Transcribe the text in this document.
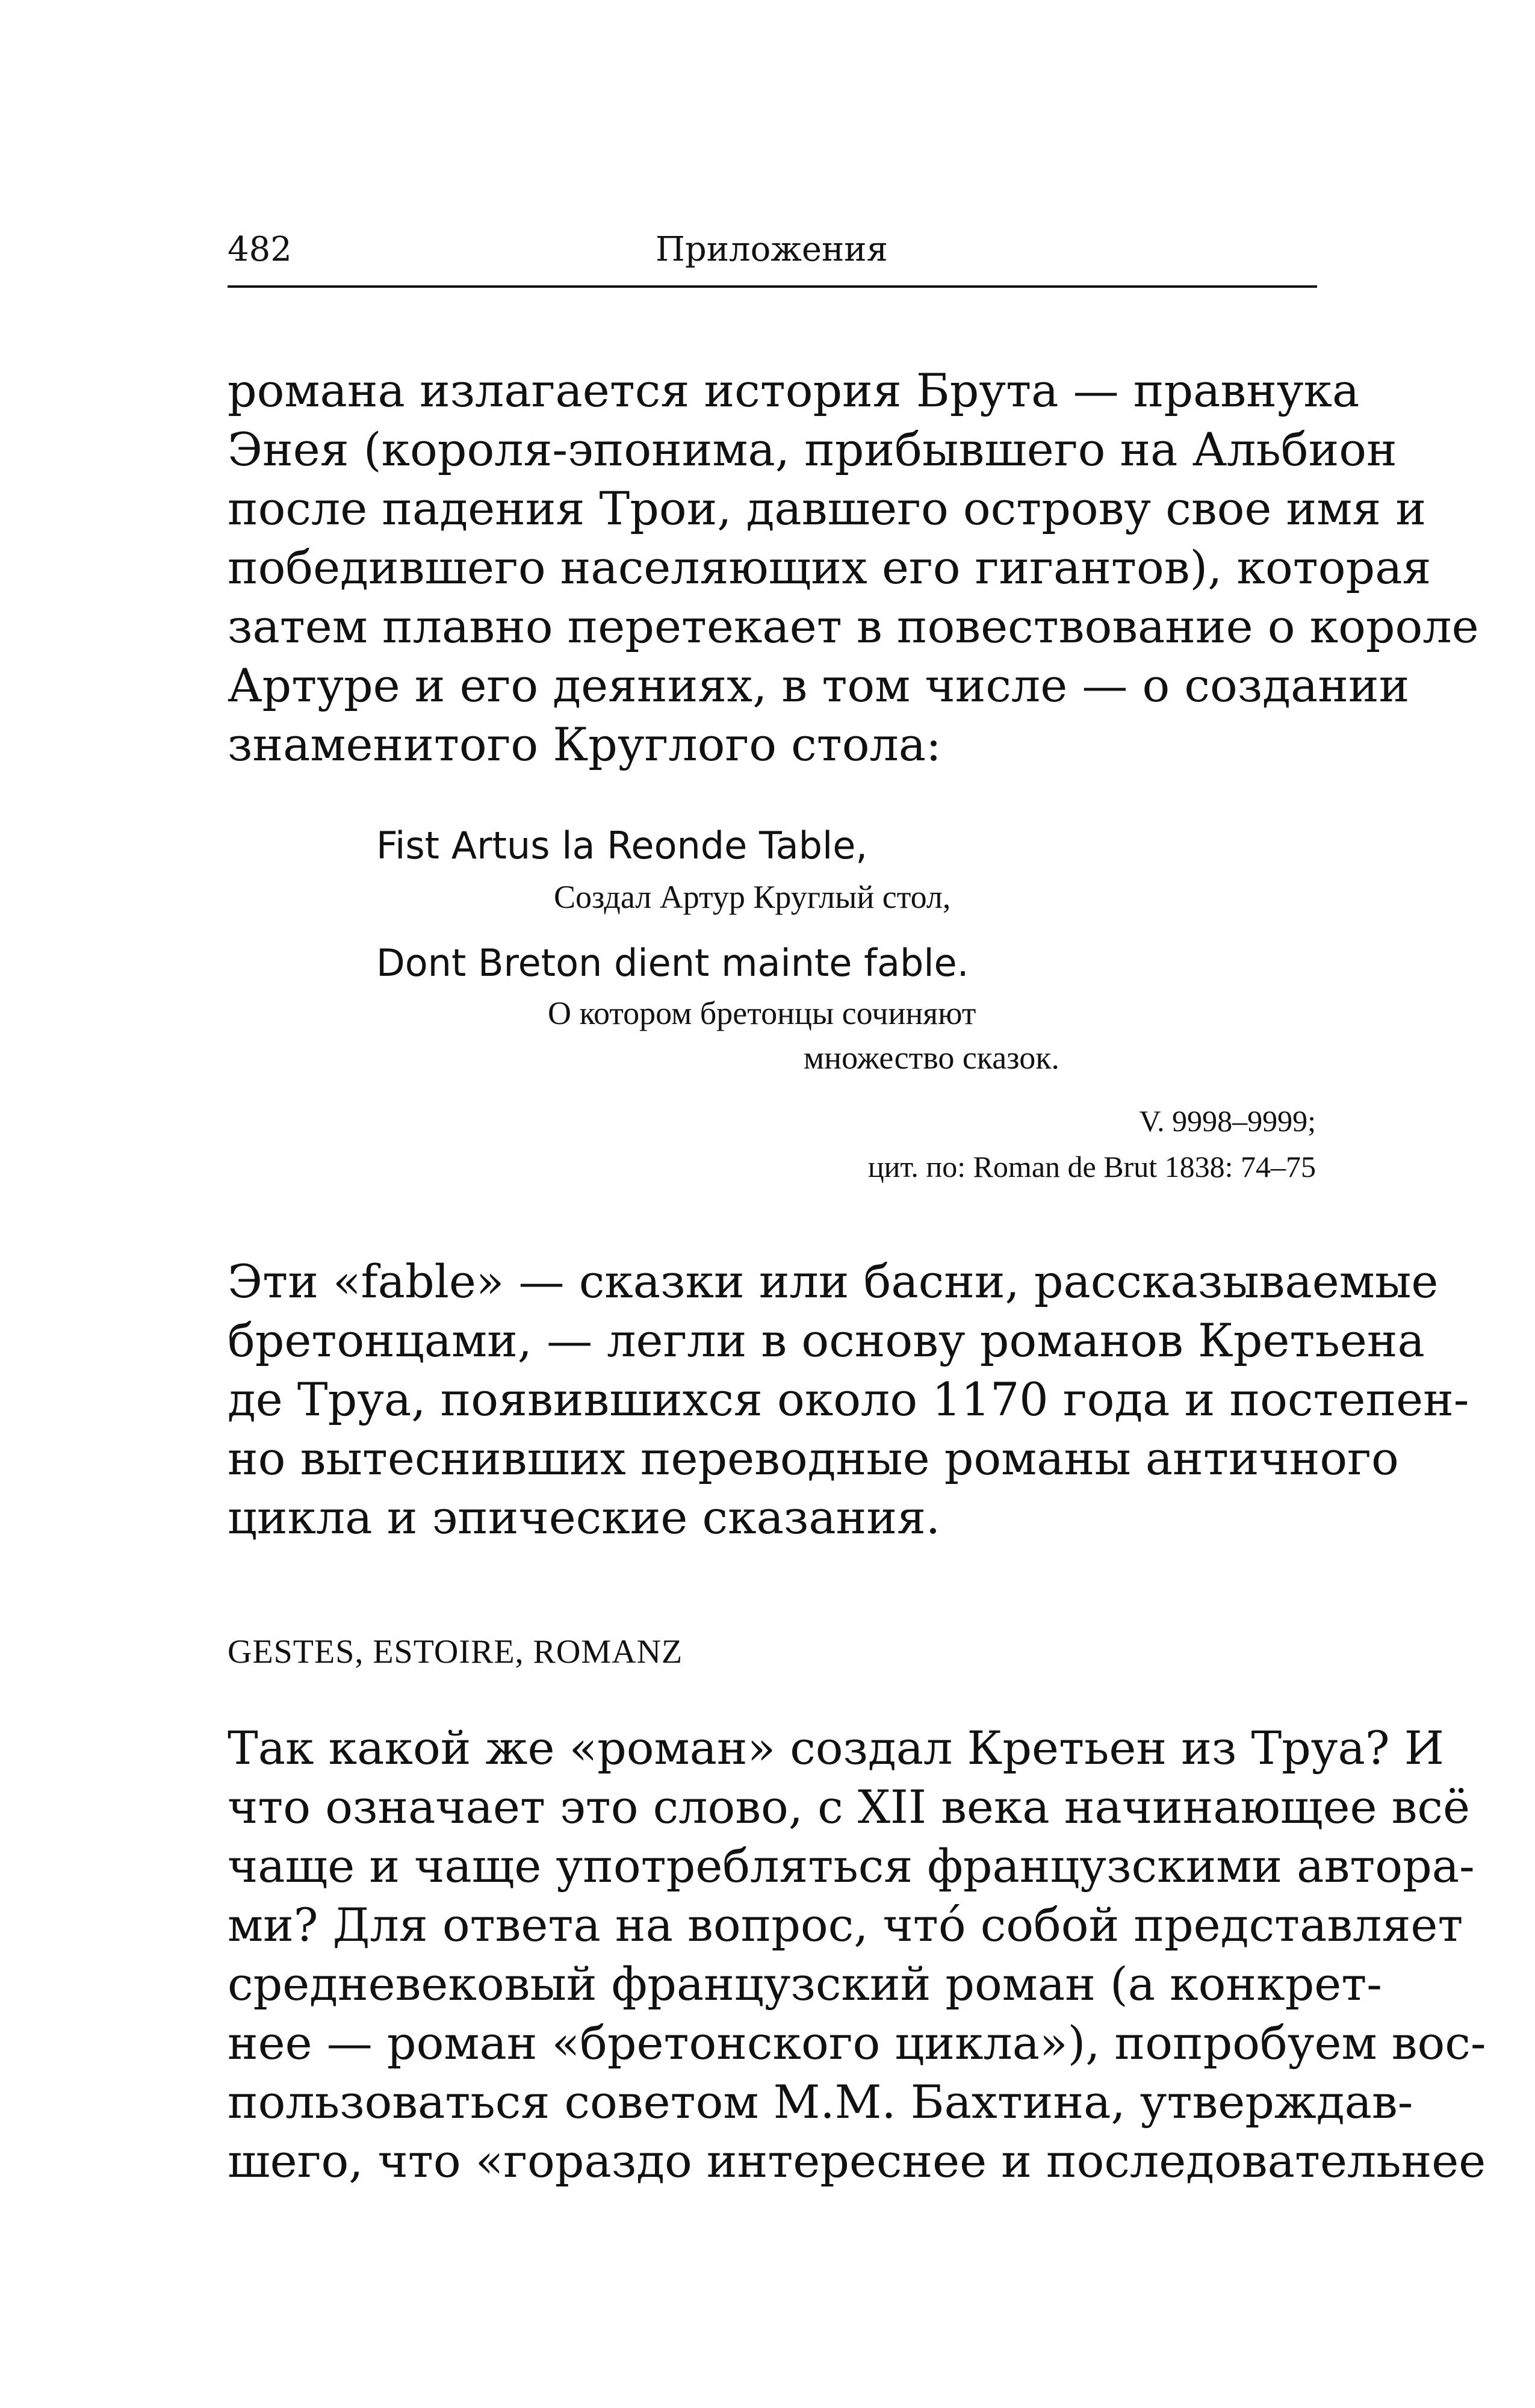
482	Приложения

романа излагается история Брута — правнука
Энея (короля-эпонима, прибывшего на Альбион
после падения Трои, давшего острову свое имя и
победившего населяющих его гигантов), которая
затем плавно перетекает в повествование о короле
Артуре и его деяниях, в том числе — о создании
знаменитого Круглого стола:

Fist Artus la Reonde Table,
Создал Артур Круглый стол,
Dont Breton dient mainte fable.
О котором бретонцы сочиняют
множество сказок.
V. 9998–9999;
цит. по: Roman de Brut 1838: 74–75

Эти «fable» — сказки или басни, рассказываемые
бретонцами, — легли в основу романов Кретьена
де Труа, появившихся около 1170 года и постепен-
но вытеснивших переводные романы античного
цикла и эпические сказания.

GESTES, ESTOIRE, ROMANZ

Так какой же «роман» создал Кретьен из Труа? И
что означает это слово, с XII века начинающее всё
чаще и чаще употребляться французскими автора-
ми? Для ответа на вопрос, что́ собой представляет
средневековый французский роман (а конкрет-
нее — роман «бретонского цикла»), попробуем вос-
пользоваться советом М.М. Бахтина, утверждав-
шего, что «гораздо интереснее и последовательнее
